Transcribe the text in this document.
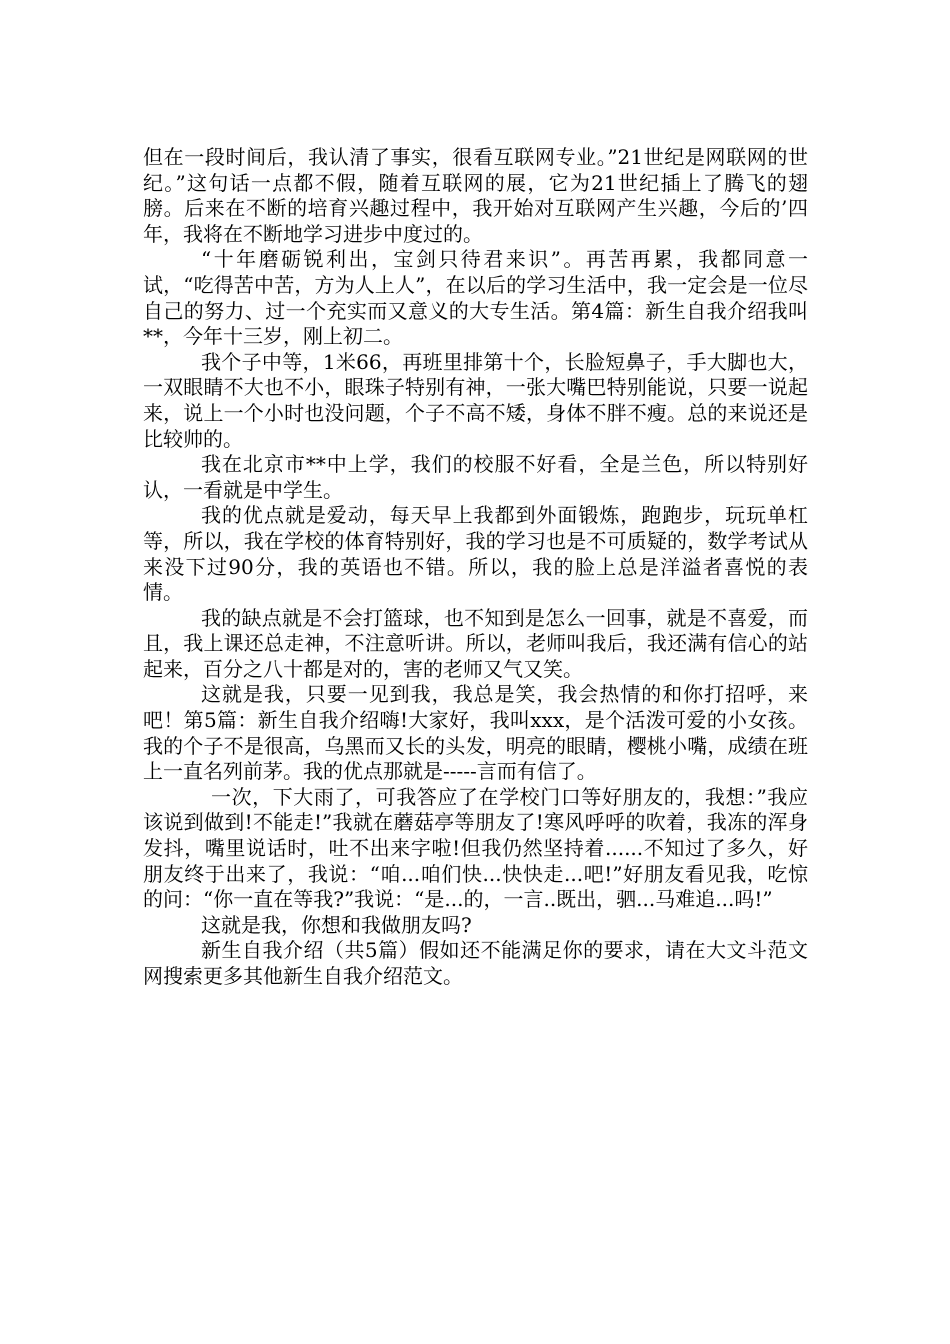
但在一段时间后，我认清了事实，很看互联网专业。”21世纪是网联网的世纪。”这句话一点都不假，随着互联网的展，它为21世纪插上了腾飞的翅膀。后来在不断的培育兴趣过程中，我开始对互联网产生兴趣，今后的’四年，我将在不断地学习进步中度过的。

“十年磨砺锐利出，宝剑只待君来识”。再苦再累，我都同意一试，“吃得苦中苦，方为人上人”，在以后的学习生活中，我一定会是一位尽自己的努力、过一个充实而又意义的大专生活。第4篇：新生自我介绍我叫**，今年十三岁，刚上初二。

我个子中等，1米66，再班里排第十个，长脸短鼻子，手大脚也大，一双眼睛不大也不小，眼珠子特别有神，一张大嘴巴特别能说，只要一说起来，说上一个小时也没问题，个子不高不矮，身体不胖不瘦。总的来说还是比较帅的。

我在北京市**中上学，我们的校服不好看，全是兰色，所以特别好认，一看就是中学生。

我的优点就是爱动，每天早上我都到外面锻炼，跑跑步，玩玩单杠等，所以，我在学校的体育特别好，我的学习也是不可质疑的，数学考试从来没下过90分，我的英语也不错。所以，我的脸上总是洋溢者喜悦的表情。

我的缺点就是不会打篮球，也不知到是怎么一回事，就是不喜爱，而且，我上课还总走神，不注意听讲。所以，老师叫我后，我还满有信心的站起来，百分之八十都是对的，害的老师又气又笑。

这就是我，只要一见到我，我总是笑，我会热情的和你打招呼，来吧！第5篇：新生自我介绍嗨!大家好，我叫xxx，是个活泼可爱的小女孩。我的个子不是很高，乌黑而又长的头发，明亮的眼睛，樱桃小嘴，成绩在班上一直名列前茅。我的优点那就是-----言而有信了。

一次，下大雨了，可我答应了在学校门口等好朋友的，我想：”我应该说到做到!不能走!”我就在蘑菇亭等朋友了!寒风呼呼的吹着，我冻的浑身发抖，嘴里说话时，吐不出来字啦!但我仍然坚持着......不知过了多久，好朋友终于出来了，我说：“咱...咱们快...快快走...吧!”好朋友看见我，吃惊的问：“你一直在等我?”我说：“是...的，一言..既出，驷...马难追...吗!”

这就是我，你想和我做朋友吗?

新生自我介绍（共5篇）假如还不能满足你的要求，请在大文斗范文网搜索更多其他新生自我介绍范文。
